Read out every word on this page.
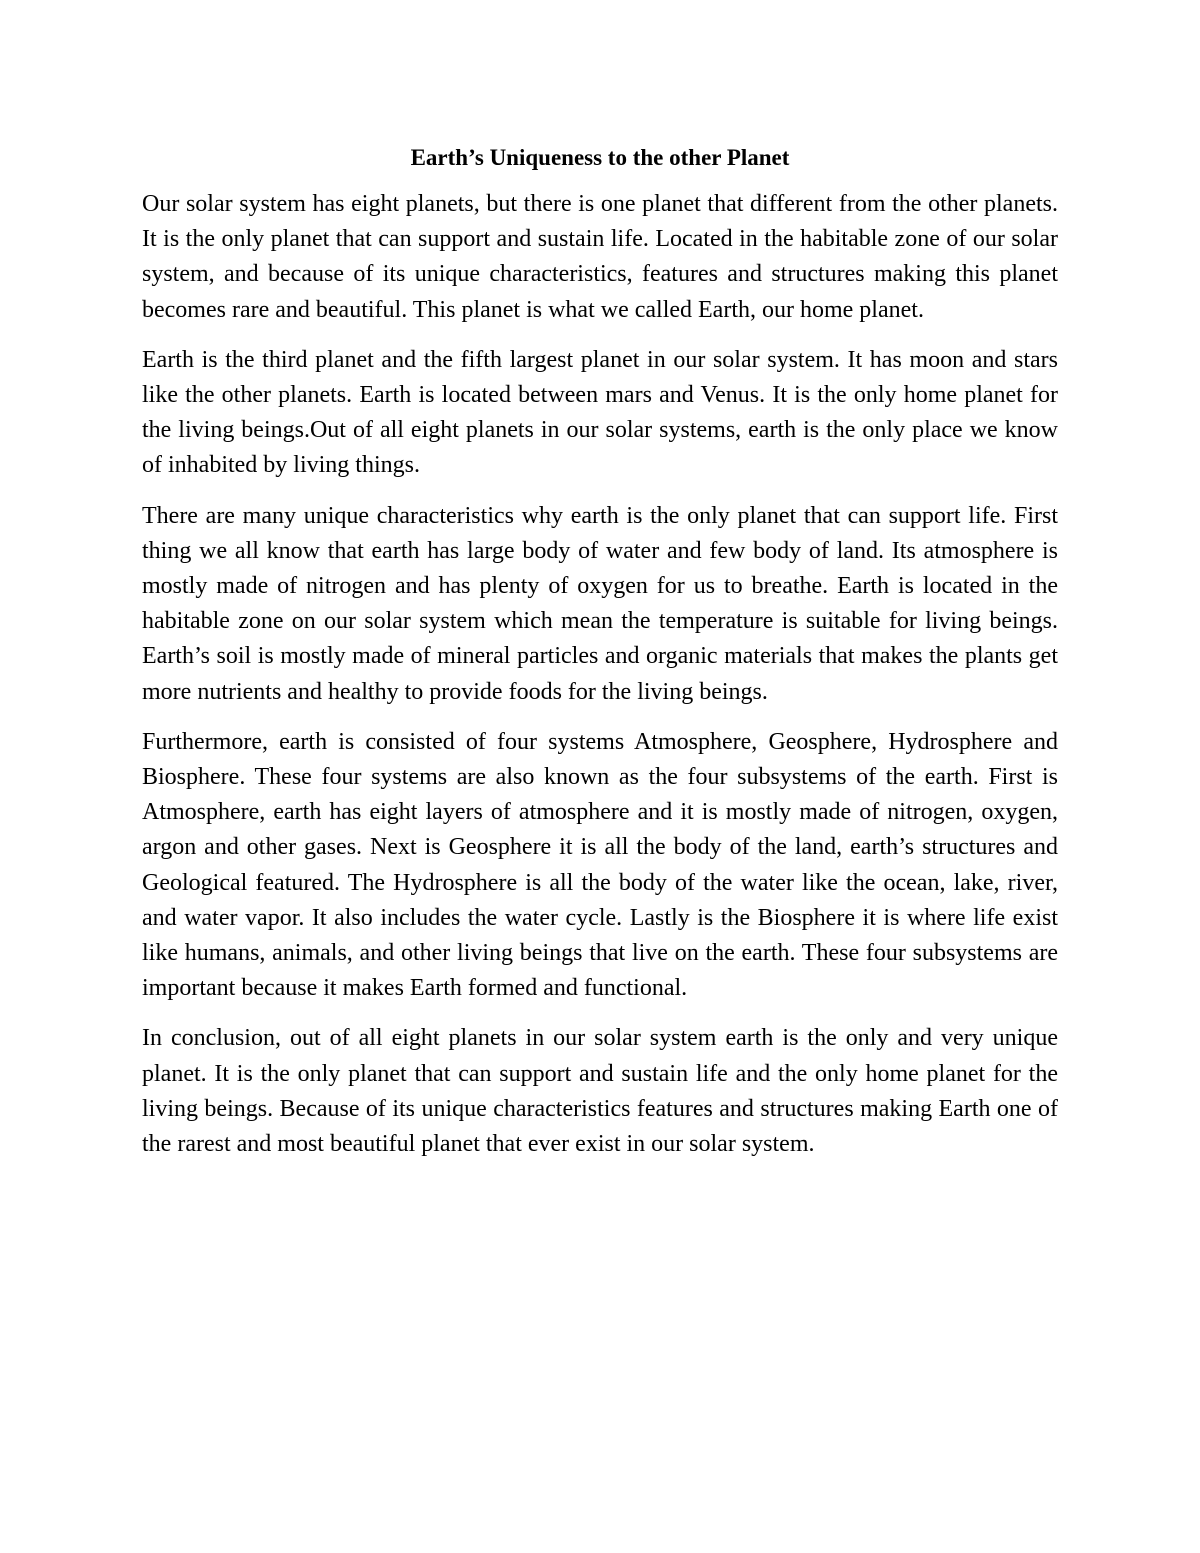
Earth’s Uniqueness to the other Planet

Our solar system has eight planets, but there is one planet that different from the other planets. It is the only planet that can support and sustain life. Located in the habitable zone of our solar system, and because of its unique characteristics, features and structures making this planet becomes rare and beautiful. This planet is what we called Earth, our home planet.

Earth is the third planet and the fifth largest planet in our solar system. It has moon and stars like the other planets. Earth is located between mars and Venus. It is the only home planet for the living beings.Out of all eight planets in our solar systems, earth is the only place we know of inhabited by living things.

There are many unique characteristics why earth is the only planet that can support life. First thing we all know that earth has large body of water and few body of land. Its atmosphere is mostly made of nitrogen and has plenty of oxygen for us to breathe. Earth is located in the habitable zone on our solar system which mean the temperature is suitable for living beings. Earth’s soil is mostly made of mineral particles and organic materials that makes the plants get more nutrients and healthy to provide foods for the living beings.

Furthermore, earth is consisted of four systems Atmosphere, Geosphere, Hydrosphere and Biosphere. These four systems are also known as the four subsystems of the earth. First is Atmosphere, earth has eight layers of atmosphere and it is mostly made of nitrogen, oxygen, argon and other gases. Next is Geosphere it is all the body of the land, earth’s structures and Geological featured. The Hydrosphere is all the body of the water like the ocean, lake, river, and water vapor. It also includes the water cycle. Lastly is the Biosphere it is where life exist like humans, animals, and other living beings that live on the earth. These four subsystems are important because it makes Earth formed and functional.

In conclusion, out of all eight planets in our solar system earth is the only and very unique planet. It is the only planet that can support and sustain life and the only home planet for the living beings. Because of its unique characteristics features and structures making Earth one of the rarest and most beautiful planet that ever exist in our solar system.
